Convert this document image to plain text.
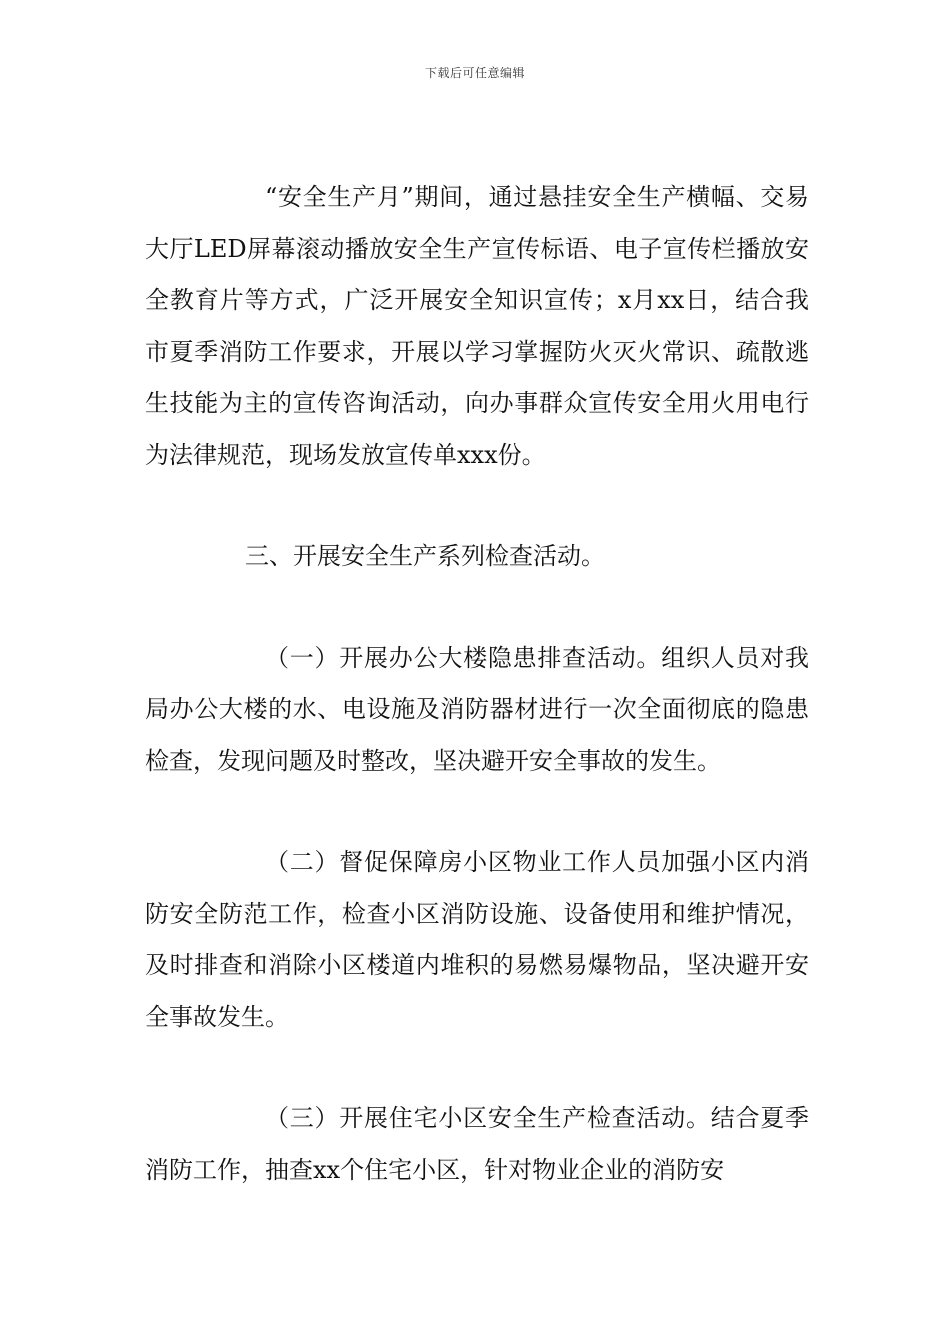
下载后可任意编辑

“安全生产月”期间，通过悬挂安全生产横幅、交易大厅LED屏幕滚动播放安全生产宣传标语、电子宣传栏播放安全教育片等方式，广泛开展安全知识宣传；x月xx日，结合我市夏季消防工作要求，开展以学习掌握防火灭火常识、疏散逃生技能为主的宣传咨询活动，向办事群众宣传安全用火用电行为法律规范，现场发放宣传单xxx份。

三、开展安全生产系列检查活动。

（一）开展办公大楼隐患排查活动。组织人员对我局办公大楼的水、电设施及消防器材进行一次全面彻底的隐患检查，发现问题及时整改，坚决避开安全事故的发生。

（二）督促保障房小区物业工作人员加强小区内消防安全防范工作，检查小区消防设施、设备使用和维护情况，及时排查和消除小区楼道内堆积的易燃易爆物品，坚决避开安全事故发生。

（三）开展住宅小区安全生产检查活动。结合夏季消防工作，抽查xx个住宅小区，针对物业企业的消防安
